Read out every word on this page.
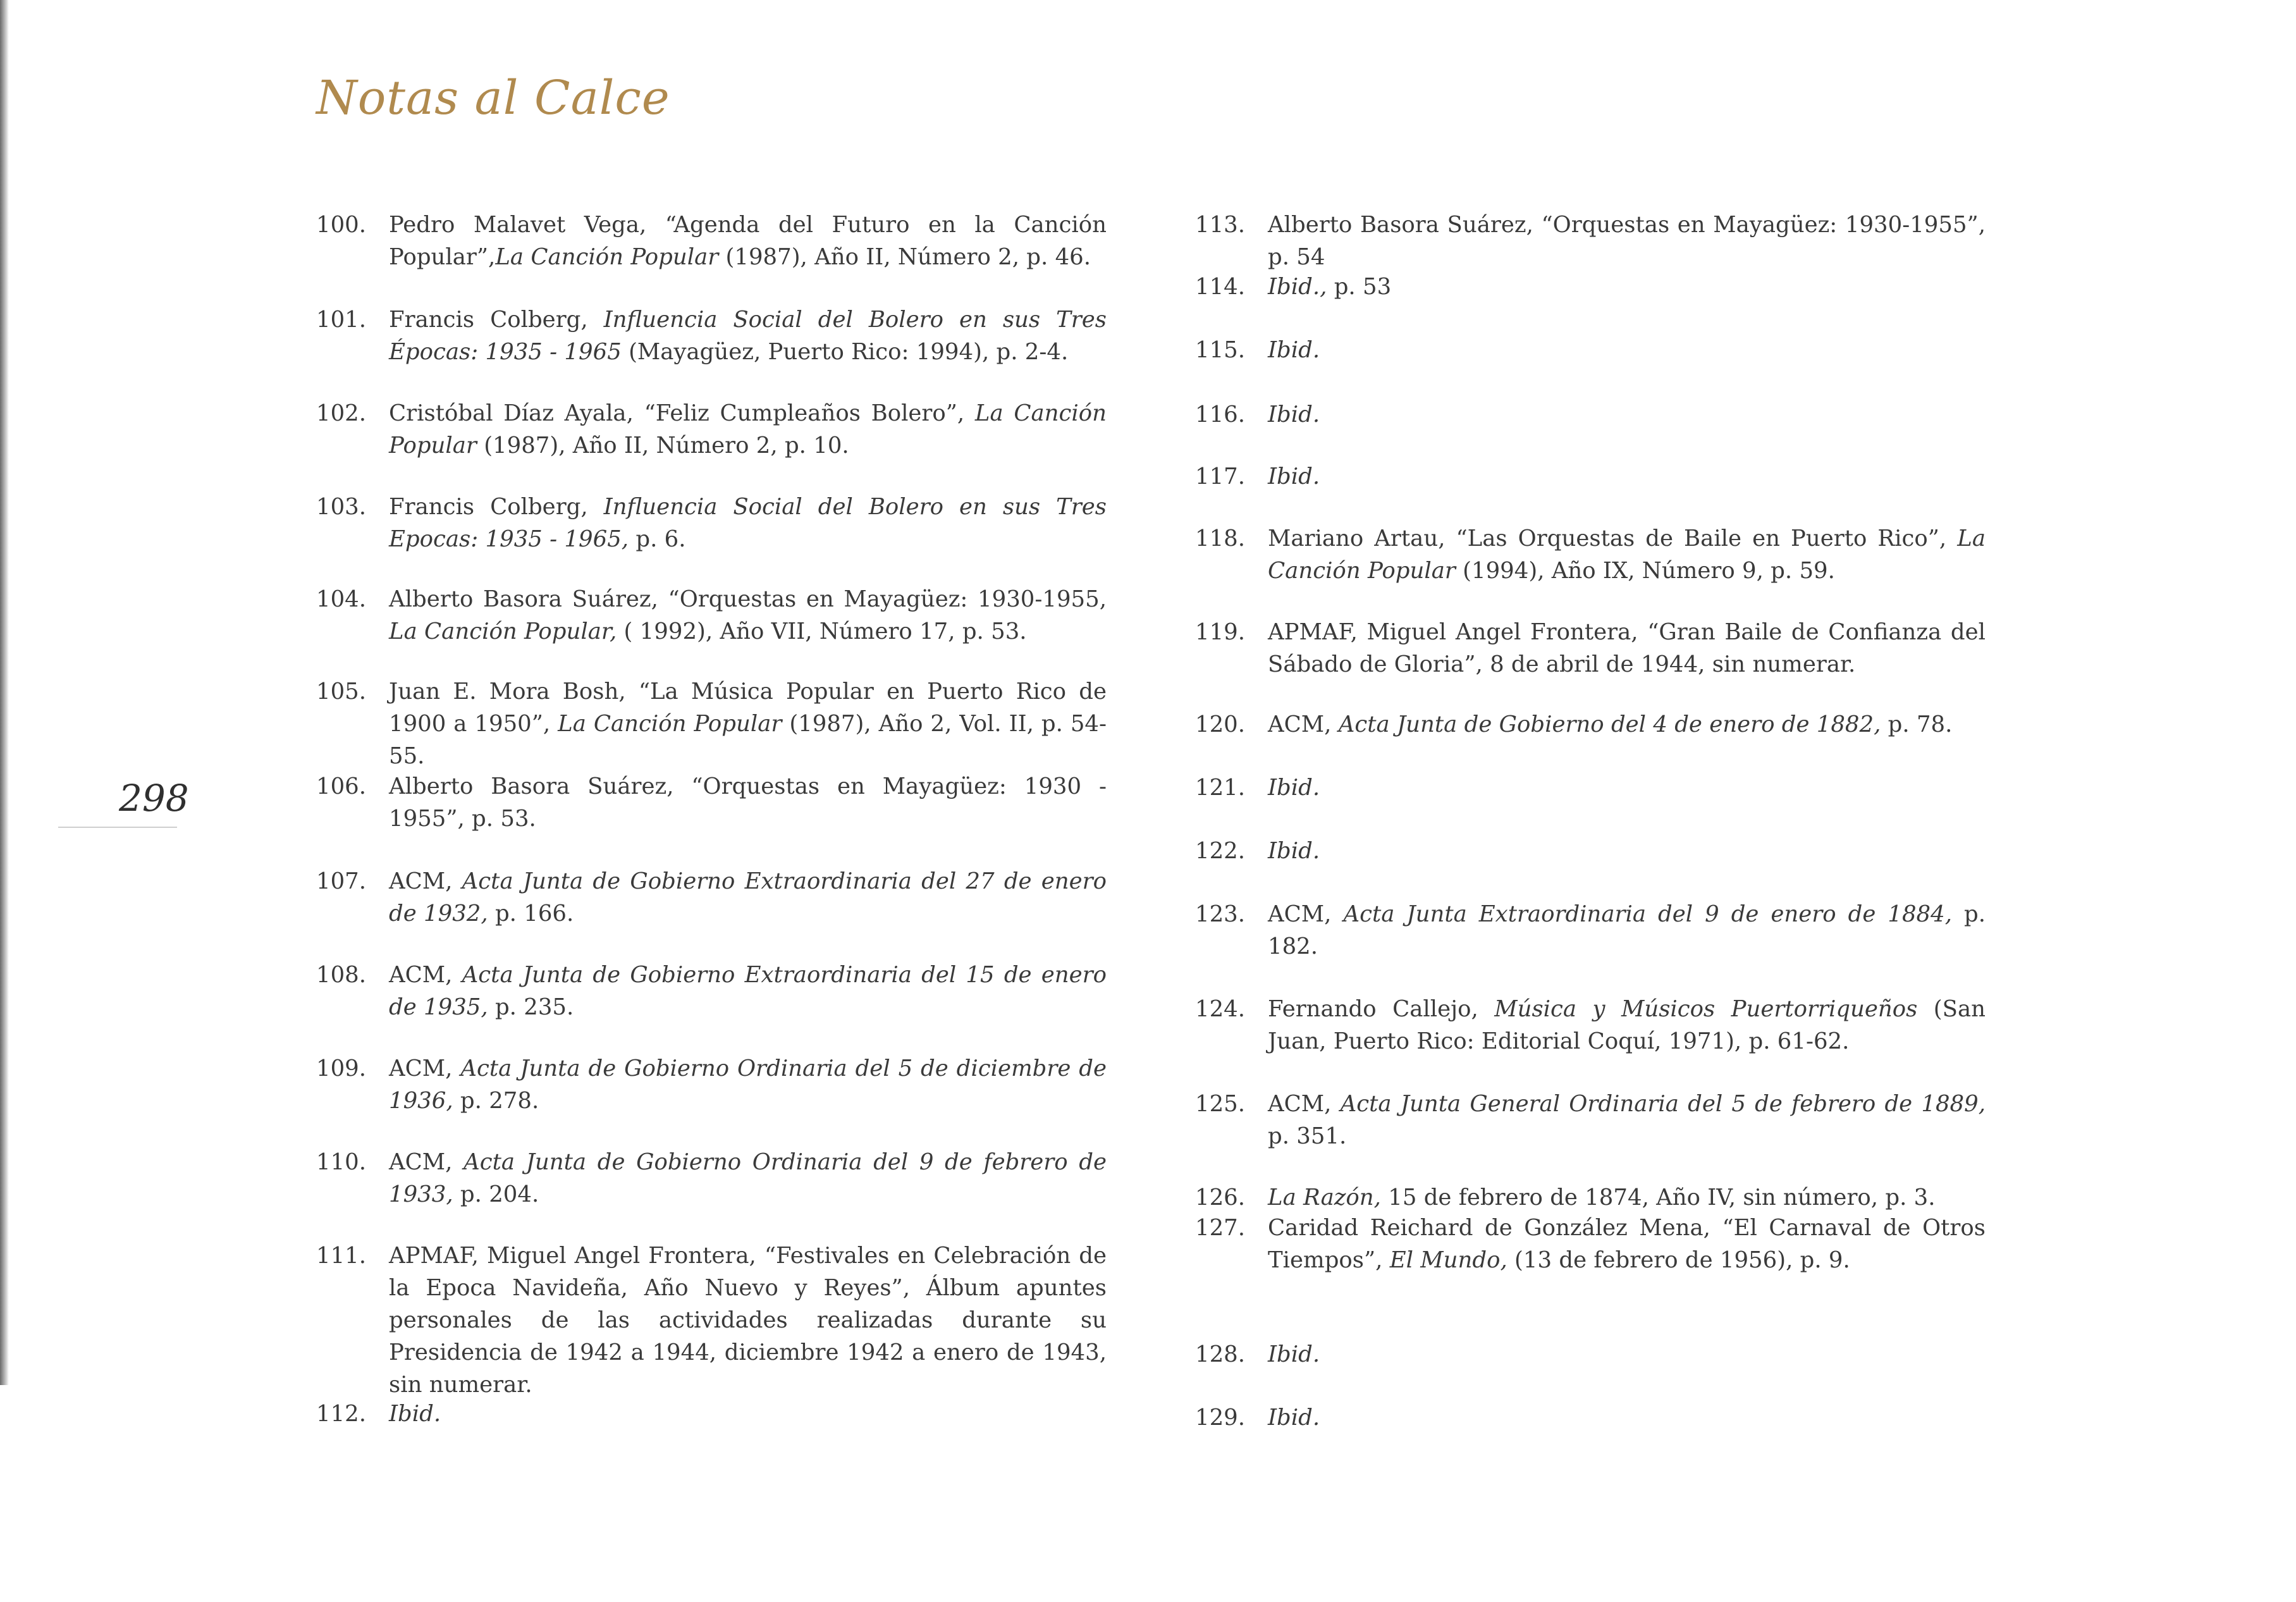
Notas al Calce
298
100.	Pedro Malavet Vega, “Agenda del Futuro en la Canción Popular”,La Canción Popular (1987), Año II, Número 2, p. 46.
101.	Francis Colberg, Influencia Social del Bolero en sus Tres Épocas: 1935 - 1965 (Mayagüez, Puerto Rico: 1994), p. 2-4.
102.	Cristóbal Díaz Ayala, “Feliz Cumpleaños Bolero”, La Canción Popular (1987), Año II, Número 2, p. 10.
103.	Francis Colberg, Influencia Social del Bolero en sus Tres Epocas: 1935 - 1965, p. 6.
104.	Alberto Basora Suárez, “Orquestas en Mayagüez: 1930-1955, La Canción Popular, ( 1992), Año VII, Número 17, p. 53.
105.	Juan E. Mora Bosh, “La Música Popular en Puerto Rico de 1900 a 1950”, La Canción Popular (1987), Año 2, Vol. II, p. 54-55.
106.	Alberto Basora Suárez, “Orquestas en Mayagüez: 1930 - 1955”, p. 53.
107.	ACM, Acta Junta de Gobierno Extraordinaria del 27 de enero de 1932, p. 166.
108.	ACM, Acta Junta de Gobierno Extraordinaria del 15 de enero de 1935, p. 235.
109.	ACM, Acta Junta de Gobierno Ordinaria del 5 de diciembre de 1936, p. 278.
110.	ACM, Acta Junta de Gobierno Ordinaria del 9 de febrero de 1933, p. 204.
111.	APMAF, Miguel Angel Frontera, “Festivales en Celebración de la Epoca Navideña, Año Nuevo y Reyes”, Álbum apuntes personales de las actividades realizadas durante su Presidencia de 1942 a 1944, diciembre 1942 a enero de 1943, sin numerar.
112.	Ibid.
113.	Alberto Basora Suárez, “Orquestas en Mayagüez: 1930-1955”, p. 54
114.	Ibid., p. 53
115.	Ibid.
116.	Ibid.
117.	Ibid.
118.	Mariano Artau, “Las Orquestas de Baile en Puerto Rico”, La Canción Popular (1994), Año IX, Número 9, p. 59.
119.	APMAF, Miguel Angel Frontera, “Gran Baile de Confianza del Sábado de Gloria”, 8 de abril de 1944, sin numerar.
120.	ACM, Acta Junta de Gobierno del 4 de enero de 1882, p. 78.
121.	Ibid.
122.	Ibid.
123.	ACM, Acta Junta Extraordinaria del 9 de enero de 1884, p. 182.
124.	Fernando Callejo, Música y Músicos Puertorriqueños (San Juan, Puerto Rico: Editorial Coquí, 1971), p. 61-62.
125.	ACM, Acta Junta General Ordinaria del 5 de febrero de 1889, p. 351.
126.	La Razón, 15 de febrero de 1874, Año IV, sin número, p. 3.
127.	Caridad Reichard de González Mena, “El Carnaval de Otros Tiempos”, El Mundo, (13 de febrero de 1956), p. 9.
128.	Ibid.
129.	Ibid.
